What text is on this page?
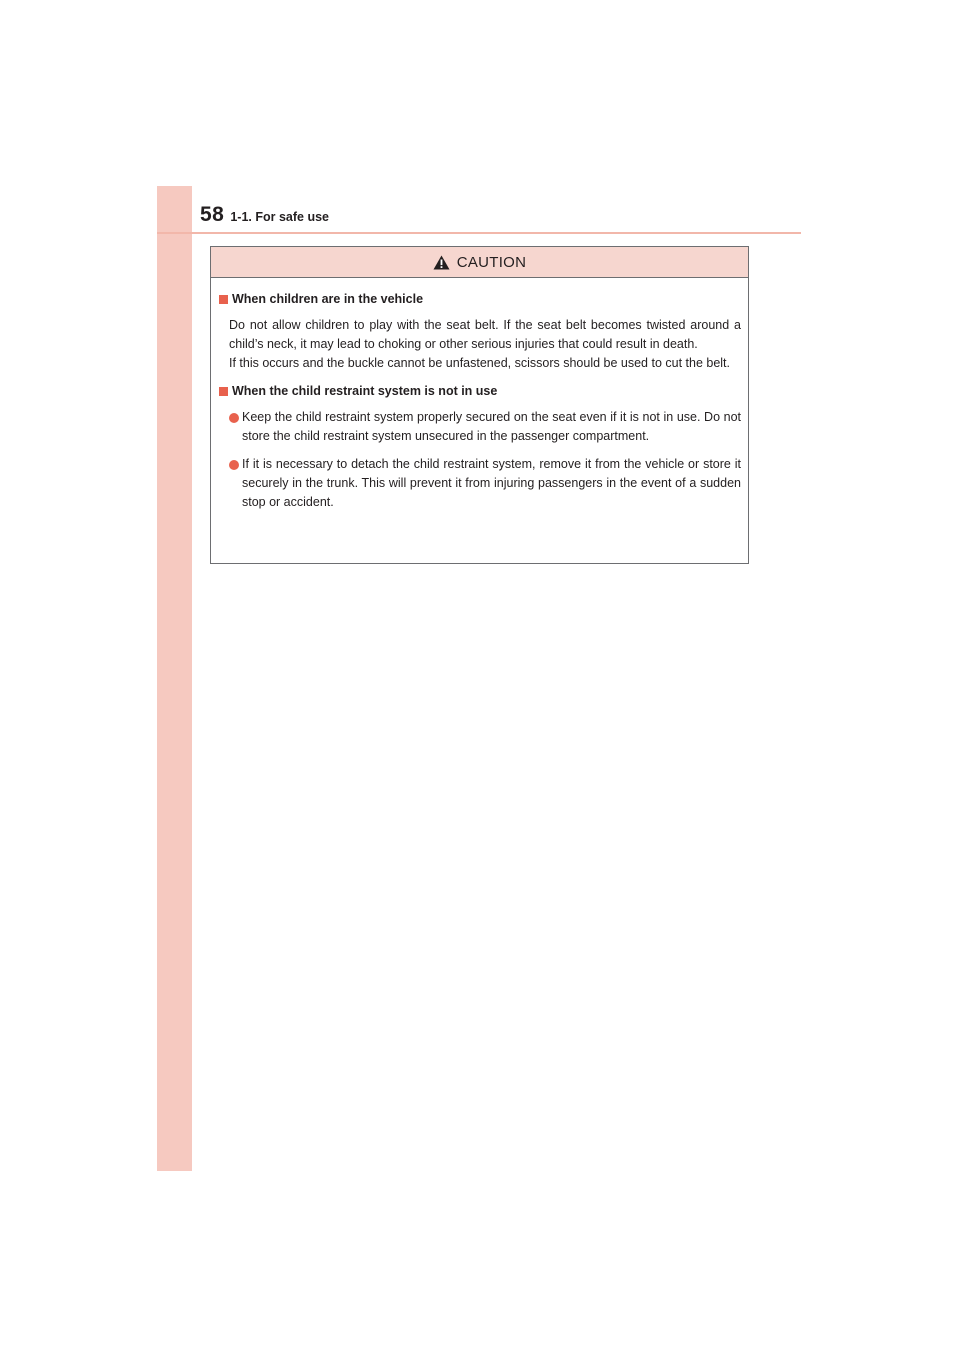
58 1-1. For safe use
CAUTION
When children are in the vehicle

Do not allow children to play with the seat belt. If the seat belt becomes twisted around a child’s neck, it may lead to choking or other serious injuries that could result in death.

If this occurs and the buckle cannot be unfastened, scissors should be used to cut the belt.

When the child restraint system is not in use

Keep the child restraint system properly secured on the seat even if it is not in use. Do not store the child restraint system unsecured in the passenger compartment.

If it is necessary to detach the child restraint system, remove it from the vehicle or store it securely in the trunk. This will prevent it from injuring passengers in the event of a sudden stop or accident.
